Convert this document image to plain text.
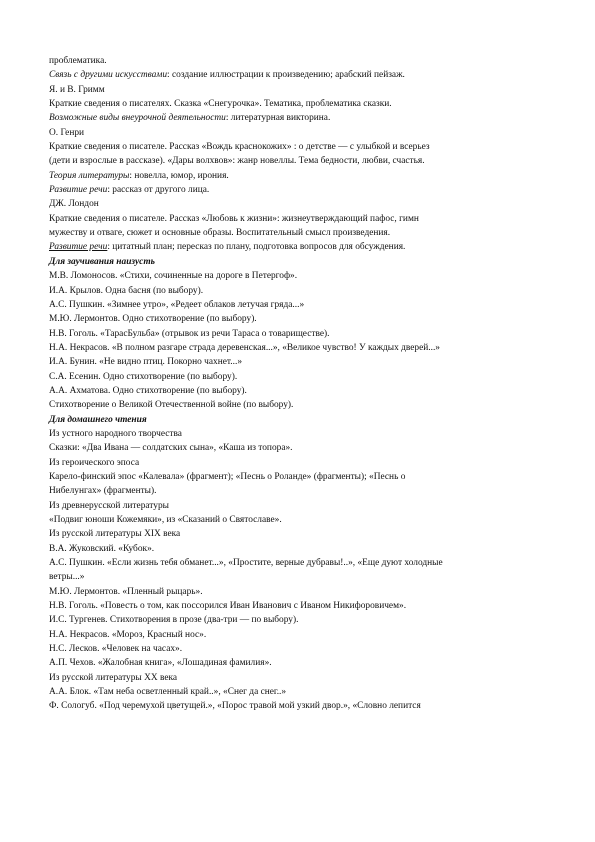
проблематика.
Связь с другими искусствами: создание иллюстрации к произведению; арабский пейзаж.
Я. и В. Гримм
Краткие сведения о писателях. Сказка «Снегурочка». Тематика, проблематика сказки.
Возможные виды внеурочной деятельности: литературная викторина.
О. Генри
Краткие сведения о писателе. Рассказ «Вождь краснокожих» : о детстве — с улыбкой и всерьез
(дети и взрослые в рассказе). «Дары волхвов»: жанр новеллы. Тема бедности, любви, счастья.
Теория литературы: новелла, юмор, ирония.
Развитие речи: рассказ от другого лица.
ДЖ. Лондон
Краткие сведения о писателе. Рассказ «Любовь к жизни»: жизнеутверждающий пафос, гимн
мужеству и отваге, сюжет и основные образы. Воспитательный смысл произведения.
Развитие речи: цитатный план; пересказ по плану, подготовка вопросов для обсуждения.
Для заучивания наизусть
М.В. Ломоносов. «Стихи, сочиненные на дороге в Петергоф».
И.А. Крылов. Одна басня (по выбору).
А.С. Пушкин. «Зимнее утро», «Редеет облаков летучая гряда...»
М.Ю. Лермонтов. Одно стихотворение (по выбору).
Н.В. Гоголь. «ТарасБульба» (отрывок из речи Тараса о товариществе).
Н.А. Некрасов. «В полном разгаре страда деревенская...», «Великое чувство! У каждых дверей...»
И.А. Бунин. «Не видно птиц. Покорно чахнет...»
С.А. Есенин. Одно стихотворение (по выбору).
А.А. Ахматова. Одно стихотворение (по выбору).
Стихотворение о Великой Отечественной войне (по выбору).
Для домашнего чтения
Из устного народного творчества
Сказки: «Два Ивана — солдатских сына», «Каша из топора».
Из героического эпоса
Карело-финский эпос «Калевала» (фрагмент); «Песнь о Роланде» (фрагменты); «Песнь о
Нибелунгах» (фрагменты).
Из древнерусской литературы
«Подвиг юноши Кожемяки», из «Сказаний о Святославе».
Из русской литературы XIX века
В.А. Жуковский. «Кубок».
А.С. Пушкин. «Если жизнь тебя обманет...», «Простите, верные дубравы!..», «Еще дуют холодные
ветры...»
М.Ю. Лермонтов. «Пленный рыцарь».
Н.В. Гоголь. «Повесть о том, как поссорился Иван Иванович с Иваном Никифоровичем».
И.С. Тургенев. Стихотворения в прозе (два-три — по выбору).
Н.А. Некрасов. «Мороз, Красный нос».
Н.С. Лесков. «Человек на часах».
А.П. Чехов. «Жалобная книга», «Лошадиная фамилия».
Из русской литературы XX века
А.А. Блок. «Там неба осветленный край..», «Снег да снег..»
Ф. Сологуб. «Под черемухой цветущей.», «Порос травой мой узкий двор.», «Словно лепится
